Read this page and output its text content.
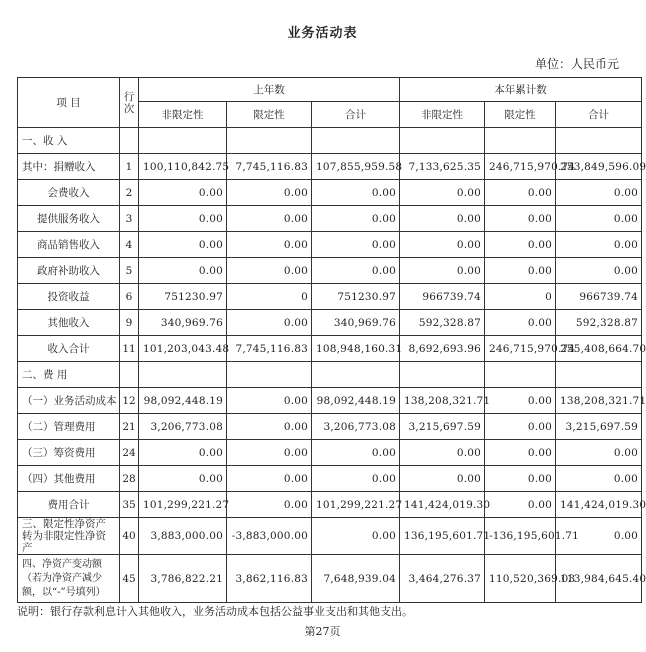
业务活动表
单位：人民币元
项 目	行次	上年数			本年累计数		
		非限定性	限定性	合计	非限定性	限定性	合计
一、收 入							
其中：捐赠收入	1	100,110,842.75	7,745,116.83	107,855,959.58	7,133,625.35	246,715,970.74	253,849,596.09
会费收入	2	0.00	0.00	0.00	0.00	0.00	0.00
提供服务收入	3	0.00	0.00	0.00	0.00	0.00	0.00
商品销售收入	4	0.00	0.00	0.00	0.00	0.00	0.00
政府补助收入	5	0.00	0.00	0.00	0.00	0.00	0.00
投资收益	6	751230.97	0	751230.97	966739.74	0	966739.74
其他收入	9	340,969.76	0.00	340,969.76	592,328.87	0.00	592,328.87
收入合计	11	101,203,043.48	7,745,116.83	108,948,160.31	8,692,693.96	246,715,970.74	255,408,664.70
二、费 用							
（一）业务活动成本	12	98,092,448.19	0.00	98,092,448.19	138,208,321.71	0.00	138,208,321.71
（二）管理费用	21	3,206,773.08	0.00	3,206,773.08	3,215,697.59	0.00	3,215,697.59
（三）筹资费用	24	0.00	0.00	0.00	0.00	0.00	0.00
（四）其他费用	28	0.00	0.00	0.00	0.00	0.00	0.00
费用合计	35	101,299,221.27	0.00	101,299,221.27	141,424,019.30	0.00	141,424,019.30
三、限定性净资产转为非限定性净资产	40	3,883,000.00	-3,883,000.00	0.00	136,195,601.71	-136,195,601.71	0.00
四、净资产变动额（若为净资产减少额，以“-”号填列）	45	3,786,822.21	3,862,116.83	7,648,939.04	3,464,276.37	110,520,369.03	113,984,645.40
说明：银行存款利息计入其他收入，业务活动成本包括公益事业支出和其他支出。
第27页
